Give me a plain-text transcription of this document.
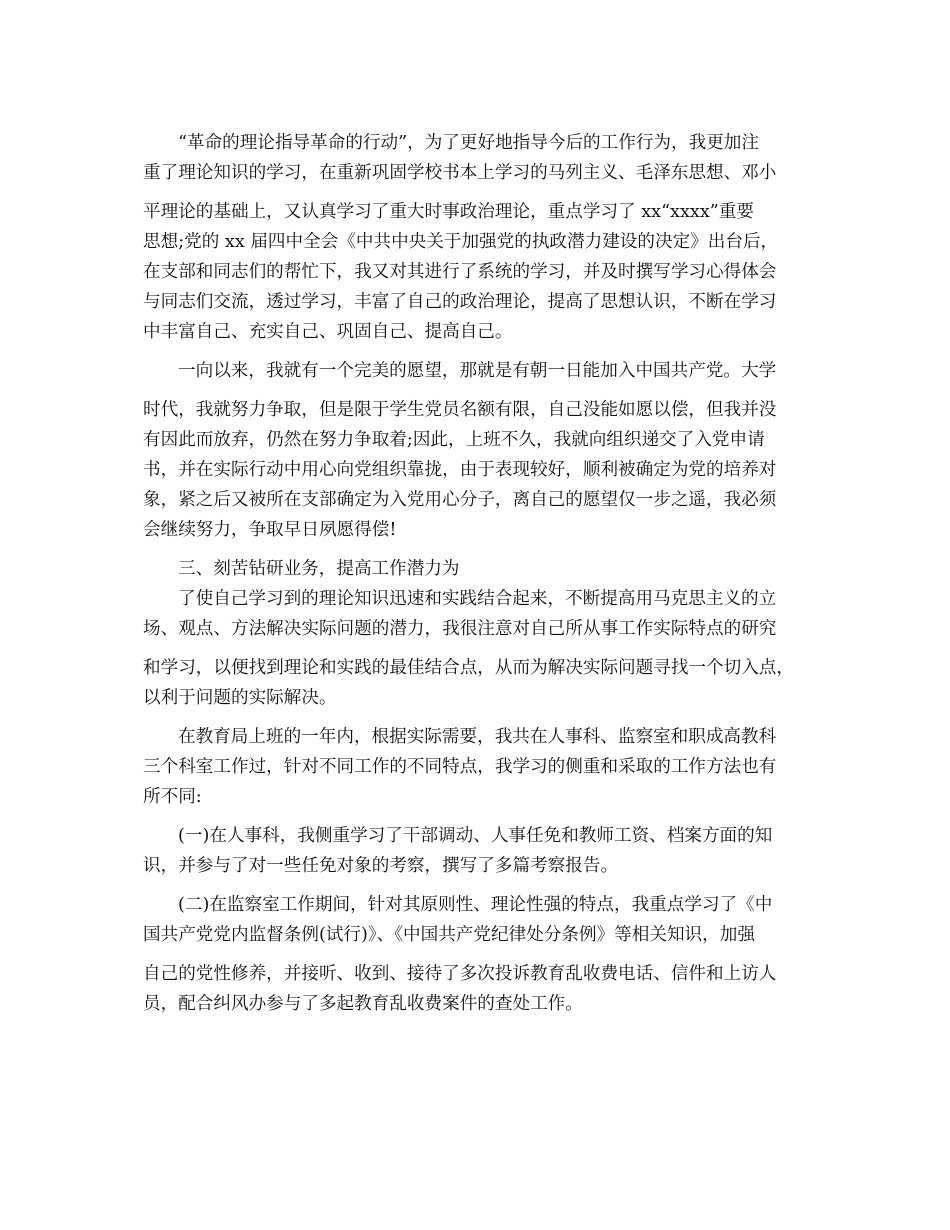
“革命的理论指导革命的行动”，为了更好地指导今后的工作行为，我更加注
重了理论知识的学习，在重新巩固学校书本上学习的马列主义、毛泽东思想、邓小
平理论的基础上，又认真学习了重大时事政治理论，重点学习了 xx“xxxx”重要
思想;党的 xx 届四中全会《中共中央关于加强党的执政潜力建设的决定》出台后，
在支部和同志们的帮忙下，我又对其进行了系统的学习，并及时撰写学习心得体会
与同志们交流，透过学习，丰富了自己的政治理论，提高了思想认识，不断在学习
中丰富自己、充实自己、巩固自己、提高自己。
一向以来，我就有一个完美的愿望，那就是有朝一日能加入中国共产党。大学
时代，我就努力争取，但是限于学生党员名额有限，自己没能如愿以偿，但我并没
有因此而放弃，仍然在努力争取着;因此，上班不久，我就向组织递交了入党申请
书，并在实际行动中用心向党组织靠拢，由于表现较好，顺利被确定为党的培养对
象，紧之后又被所在支部确定为入党用心分子，离自己的愿望仅一步之遥，我必须
会继续努力，争取早日夙愿得偿!
三、刻苦钻研业务，提高工作潜力为
了使自己学习到的理论知识迅速和实践结合起来，不断提高用马克思主义的立
场、观点、方法解决实际问题的潜力，我很注意对自己所从事工作实际特点的研究
和学习，以便找到理论和实践的最佳结合点，从而为解决实际问题寻找一个切入点，
以利于问题的实际解决。
在教育局上班的一年内，根据实际需要，我共在人事科、监察室和职成高教科
三个科室工作过，针对不同工作的不同特点，我学习的侧重和采取的工作方法也有
所不同:
(一)在人事科，我侧重学习了干部调动、人事任免和教师工资、档案方面的知
识，并参与了对一些任免对象的考察，撰写了多篇考察报告。
(二)在监察室工作期间，针对其原则性、理论性强的特点，我重点学习了《中
国共产党党内监督条例(试行)》、《中国共产党纪律处分条例》等相关知识，加强
自己的党性修养，并接听、收到、接待了多次投诉教育乱收费电话、信件和上访人
员，配合纠风办参与了多起教育乱收费案件的查处工作。
